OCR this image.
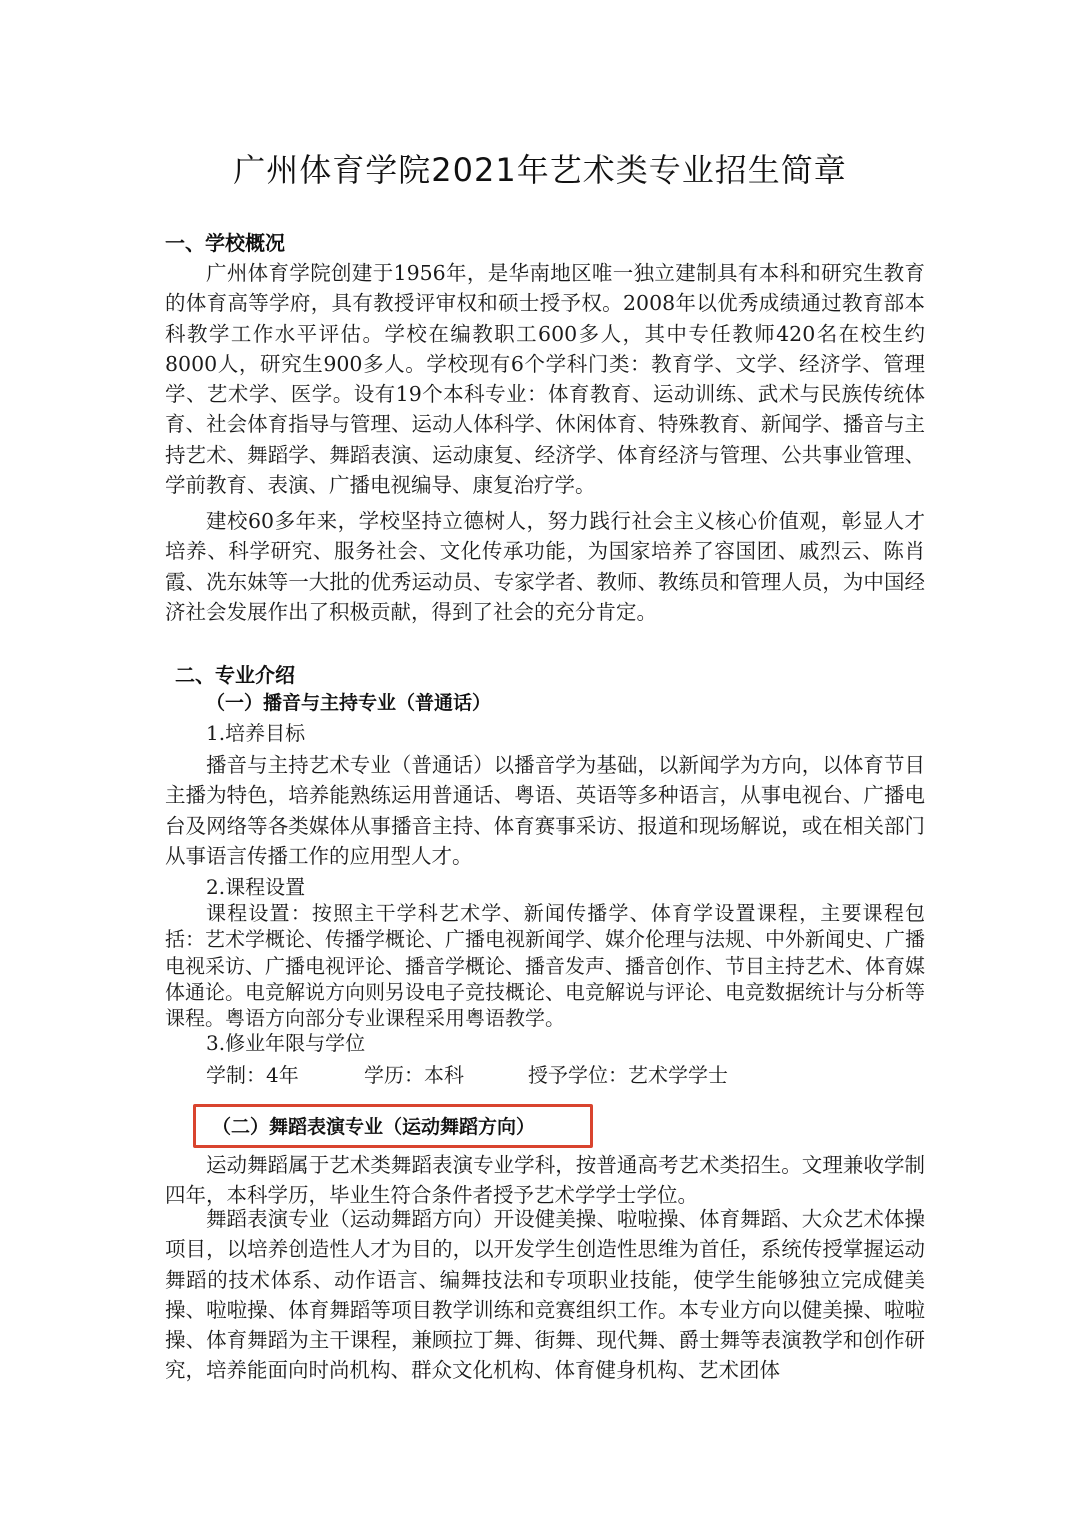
广州体育学院2021年艺术类专业招生简章
一、学校概况
广州体育学院创建于1956年，是华南地区唯一独立建制具有本科和研究生教育的体育高等学府，具有教授评审权和硕士授予权。2008年以优秀成绩通过教育部本科教学工作水平评估。学校在编教职工600多人，其中专任教师420名在校生约8000人，研究生900多人。学校现有6个学科门类：教育学、文学、经济学、管理学、艺术学、医学。设有19个本科专业：体育教育、运动训练、武术与民族传统体育、社会体育指导与管理、运动人体科学、休闲体育、特殊教育、新闻学、播音与主持艺术、舞蹈学、舞蹈表演、运动康复、经济学、体育经济与管理、公共事业管理、学前教育、表演、广播电视编导、康复治疗学。
建校60多年来，学校坚持立德树人，努力践行社会主义核心价值观，彰显人才培养、科学研究、服务社会、文化传承功能，为国家培养了容国团、戚烈云、陈肖霞、冼东妹等一大批的优秀运动员、专家学者、教师、教练员和管理人员，为中国经济社会发展作出了积极贡献，得到了社会的充分肯定。
二、专业介绍
（一）播音与主持专业（普通话）
1.培养目标
播音与主持艺术专业（普通话）以播音学为基础，以新闻学为方向，以体育节目主播为特色，培养能熟练运用普通话、粤语、英语等多种语言，从事电视台、广播电台及网络等各类媒体从事播音主持、体育赛事采访、报道和现场解说，或在相关部门从事语言传播工作的应用型人才。
2.课程设置
课程设置：按照主干学科艺术学、新闻传播学、体育学设置课程，主要课程包括：艺术学概论、传播学概论、广播电视新闻学、媒介伦理与法规、中外新闻史、广播电视采访、广播电视评论、播音学概论、播音发声、播音创作、节目主持艺术、体育媒体通论。电竞解说方向则另设电子竞技概论、电竞解说与评论、电竞数据统计与分析等课程。粤语方向部分专业课程采用粤语教学。
3.修业年限与学位
学制：4年	学历：本科	授予学位：艺术学学士
（二）舞蹈表演专业（运动舞蹈方向）
运动舞蹈属于艺术类舞蹈表演专业学科，按普通高考艺术类招生。文理兼收学制四年，本科学历，毕业生符合条件者授予艺术学学士学位。
舞蹈表演专业（运动舞蹈方向）开设健美操、啦啦操、体育舞蹈、大众艺术体操项目，以培养创造性人才为目的，以开发学生创造性思维为首任，系统传授掌握运动舞蹈的技术体系、动作语言、编舞技法和专项职业技能，使学生能够独立完成健美操、啦啦操、体育舞蹈等项目教学训练和竞赛组织工作。本专业方向以健美操、啦啦操、体育舞蹈为主干课程，兼顾拉丁舞、街舞、现代舞、爵士舞等表演教学和创作研究，培养能面向时尚机构、群众文化机构、体育健身机构、艺术团体
